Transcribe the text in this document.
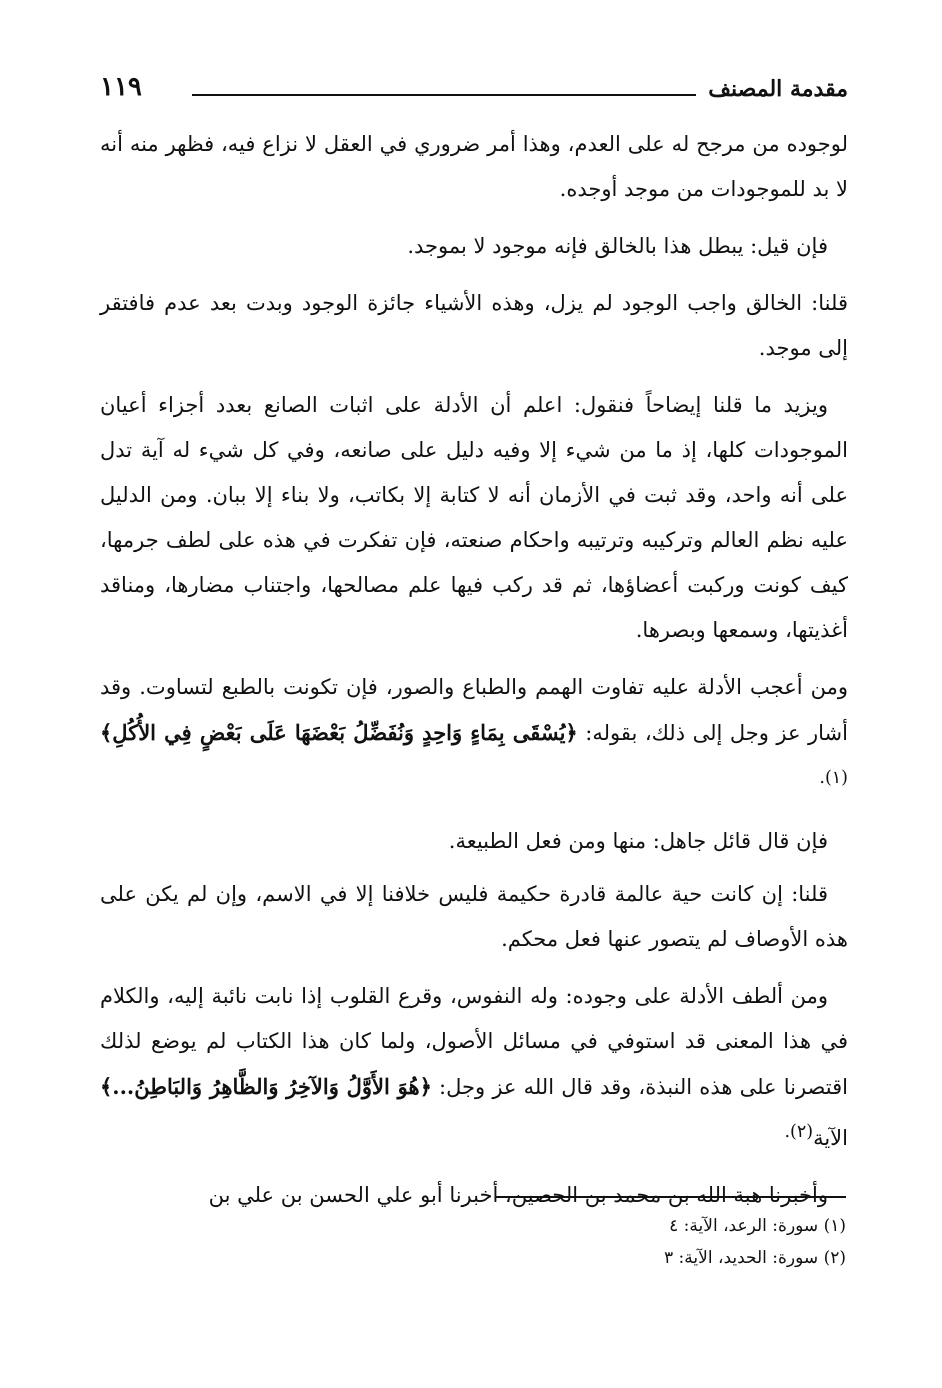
مقدمة المصنف
١١٩

لوجوده من مرجح له على العدم، وهذا أمر ضروري في العقل لا نزاع فيه، فظهر منه أنه لا بد للموجودات من موجد أوجده.

فإن قيل: يبطل هذا بالخالق فإنه موجود لا بموجد.

قلنا: الخالق واجب الوجود لم يزل، وهذه الأشياء جائزة الوجود وبدت بعد عدم فافتقر إلى موجد.

ويزيد ما قلنا إيضاحاً فنقول: اعلم أن الأدلة على اثبات الصانع بعدد أجزاء أعيان الموجودات كلها، إذ ما من شيء إلا وفيه دليل على صانعه، وفي كل شيء له آية تدل على أنه واحد، وقد ثبت في الأزمان أنه لا كتابة إلا بكاتب، ولا بناء إلا ببان. ومن الدليل عليه نظم العالم وتركيبه وترتيبه واحكام صنعته، فإن تفكرت في هذه على لطف جرمها، كيف كونت وركبت أعضاؤها، ثم قد ركب فيها علم مصالحها، واجتناب مضارها، ومناقد أغذيتها، وسمعها وبصرها.

ومن أعجب الأدلة عليه تفاوت الهمم والطباع والصور، فإن تكونت بالطبع لتساوت. وقد أشار عز وجل إلى ذلك، بقوله: ﴿يُسْقَى بِمَاءٍ وَاحِدٍ وَنُفَضِّلُ بَعْضَهَا عَلَى بَعْضٍ فِي الأُكُلِ﴾$^{(١).}$

فإن قال قائل جاهل: منها ومن فعل الطبيعة.

قلنا: إن كانت حية عالمة قادرة حكيمة فليس خلافنا إلا في الاسم، وإن لم يكن على هذه الأوصاف لم يتصور عنها فعل محكم.

ومن ألطف الأدلة على وجوده: وله النفوس، وقرع القلوب إذا نابت نائبة إليه، والكلام في هذا المعنى قد استوفي في مسائل الأصول، ولما كان هذا الكتاب لم يوضع لذلك اقتصرنا على هذه النبذة، وقد قال الله عز وجل: ﴿هُوَ الأَوَّلُ وَالآخِرُ وَالظَّاهِرُ وَالبَاطِنُ...﴾ الآية$^{(٢).}$

وأخبرنا هبة الله بن محمد بن الحصين، أخبرنا أبو علي الحسن بن علي بن

(١) سورة: الرعد، الآية: ٤

(٢) سورة: الحديد، الآية: ٣
